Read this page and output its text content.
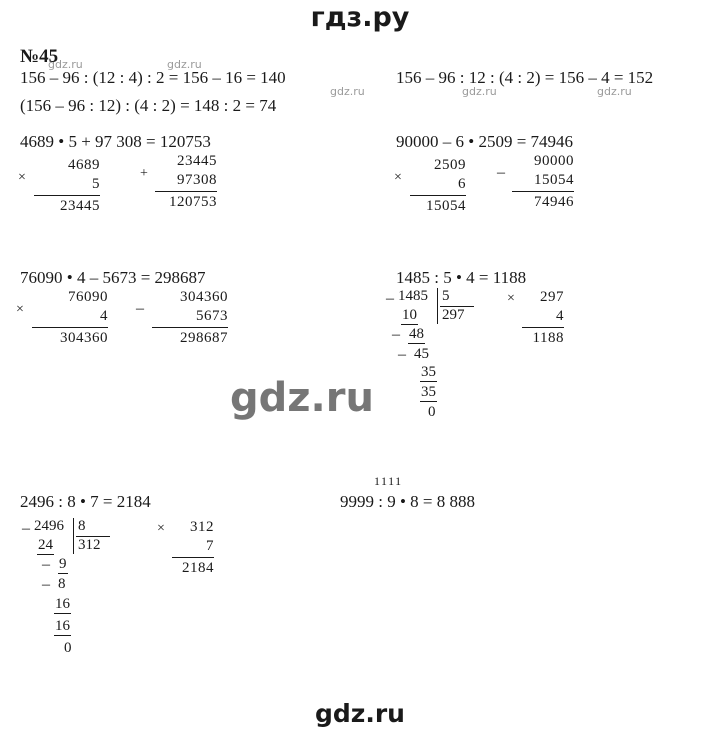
гдз.ру
gdz.ru
gdz.ru
gdz.ru	gdz.ru
gdz.ru	gdz.ru	gdz.ru
№45
156 – 96 : (12 : 4) : 2 = 156 – 16 = 140	156 – 96 : 12 : (4 : 2) = 156 – 4 = 152
(156 – 96 : 12) : (4 : 2) = 148 : 2 = 74
4689 • 5 + 97 308 = 120753	90000 – 6 • 2509 = 74946
76090 • 4 – 5673 = 298687	1485 : 5 • 4 = 1188
2496 : 8 • 7 = 2184	9999 : 9 • 8 = 8 888
1111
×
4689
5
23445
+
23445
97308
120753
×
2509
6
15054
–
90000
15054
74946
×
76090
4
304360
–
304360
5673
298687
– 1485 5
297
10
– 48
– 45
35
35
0
×	297
4
1188
– 2496 8
312
24
– 9
– 8
16
16
0
×	312
7
2184
